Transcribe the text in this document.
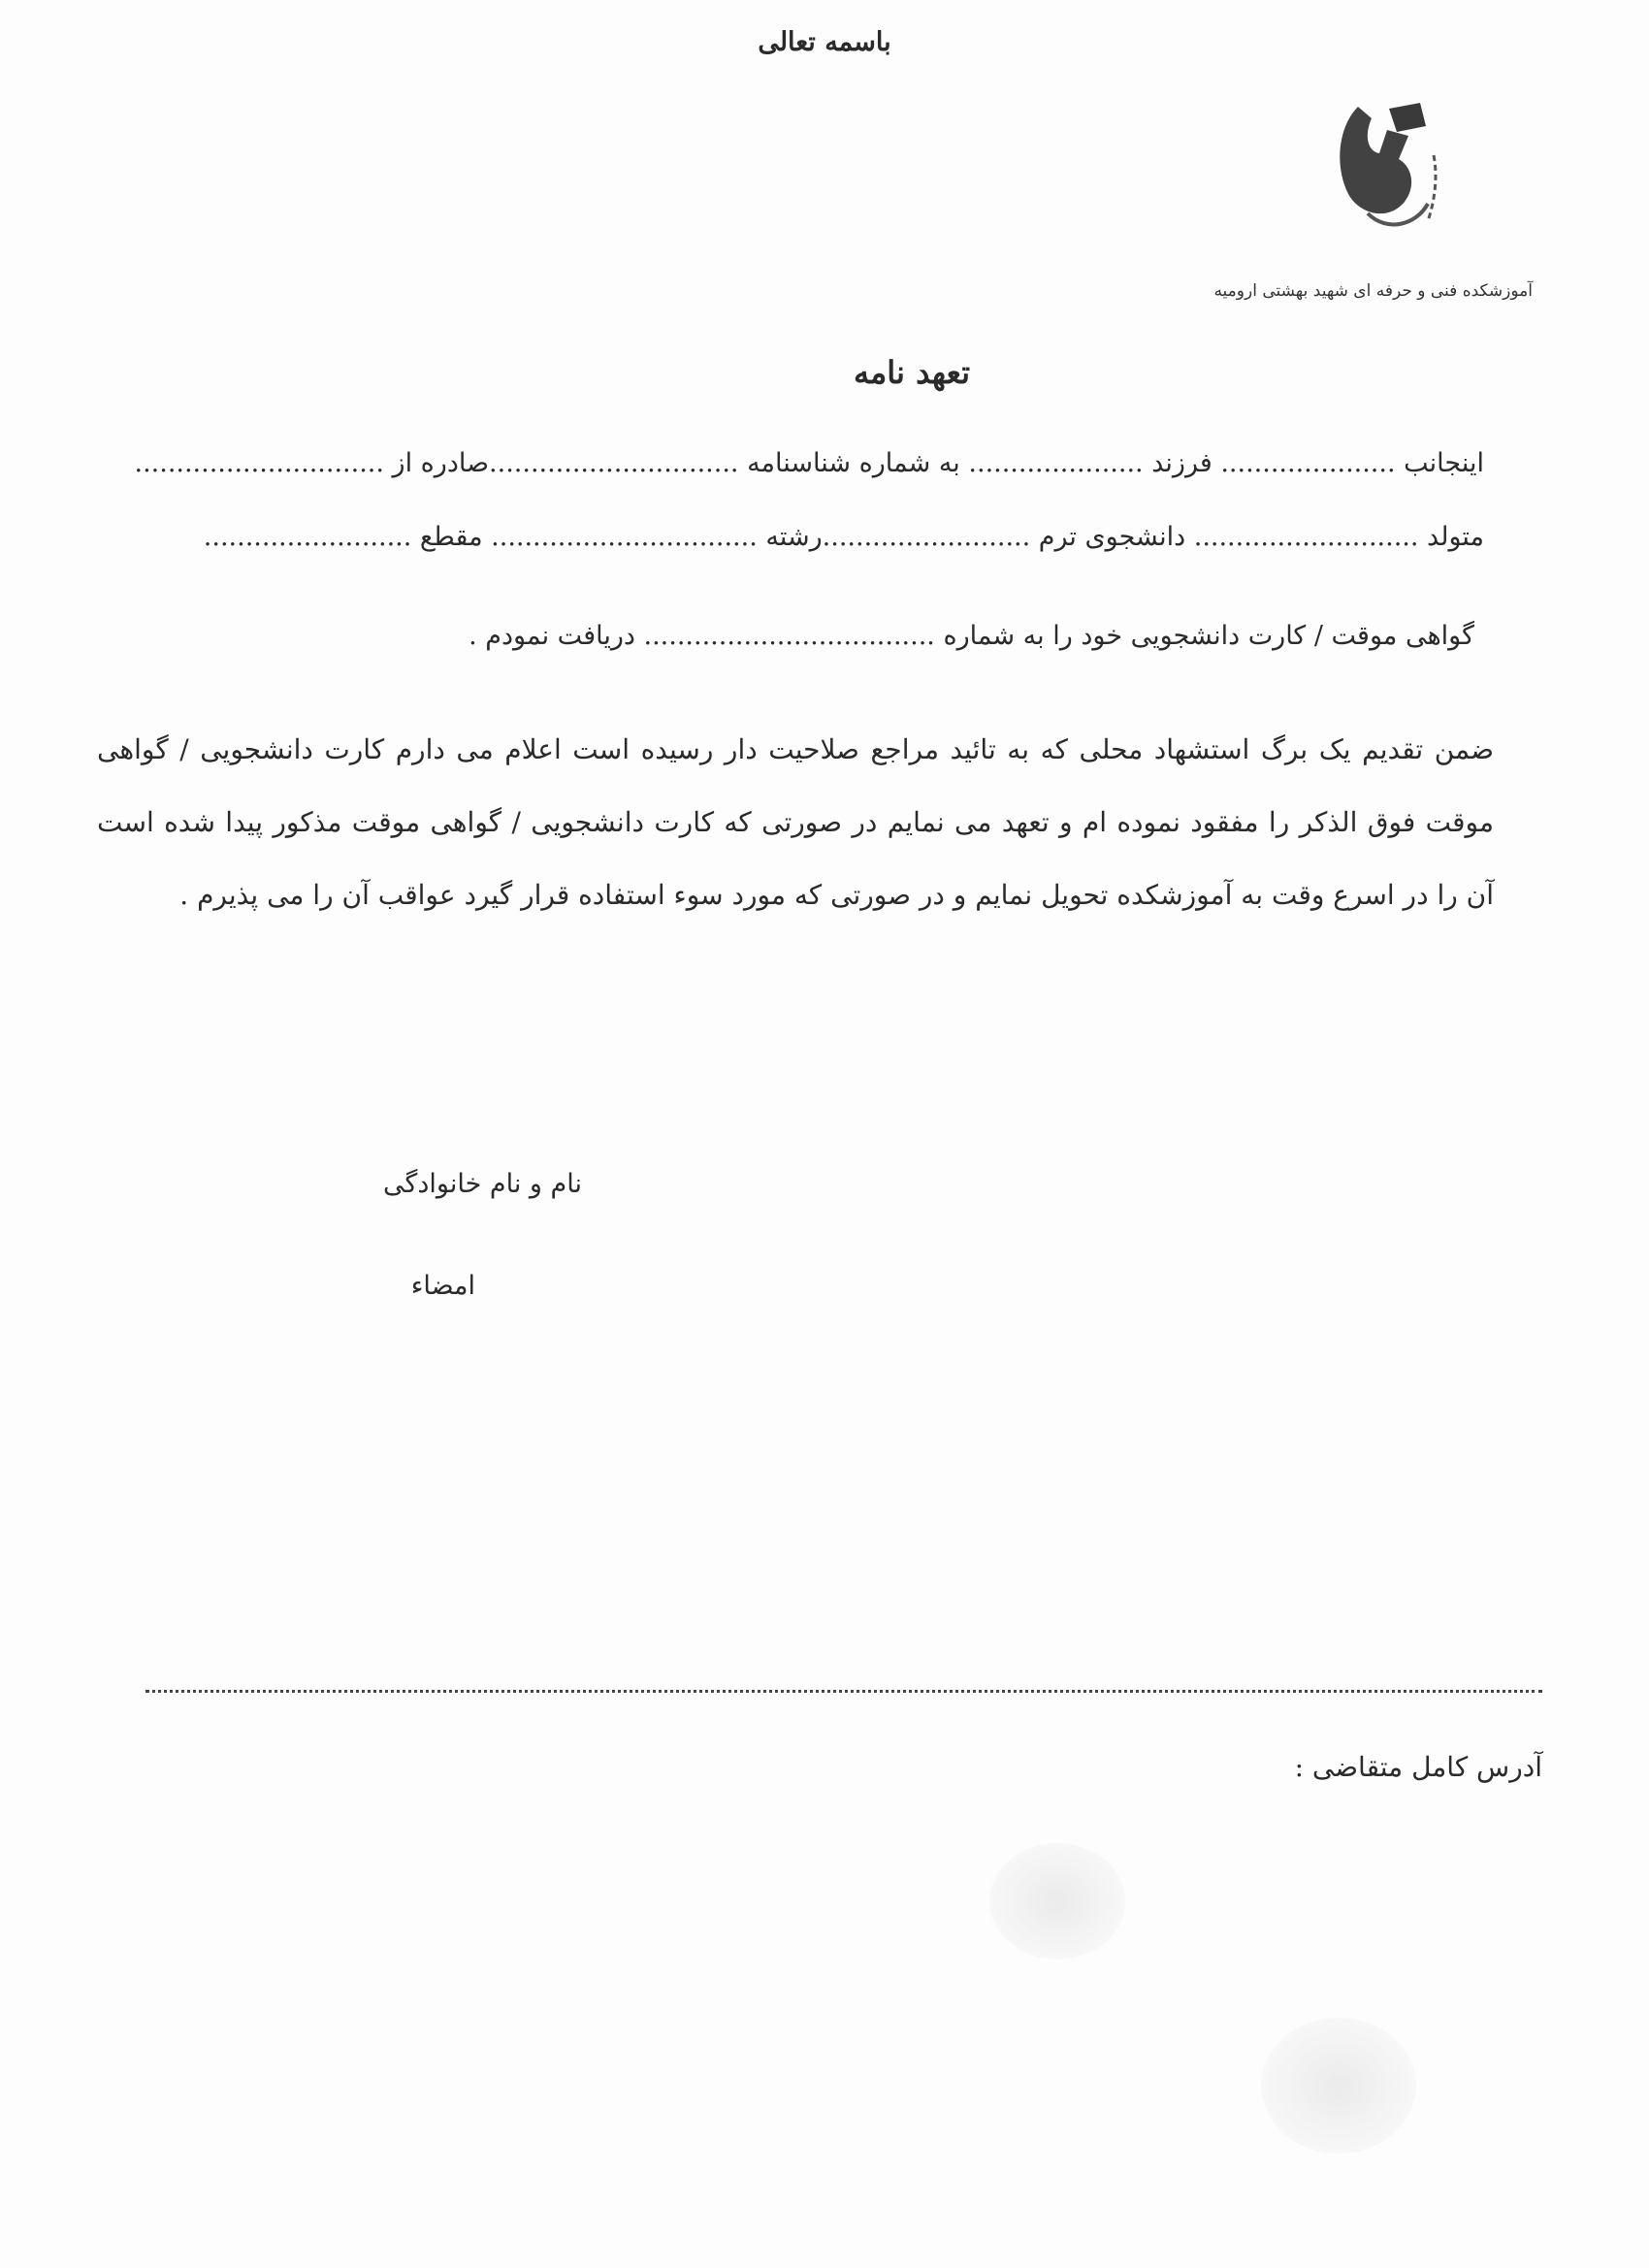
باسمه تعالی
آموزشکده فنی و حرفه ای شهید بهشتی ارومیه
تعهد نامه
اینجانب ..................... فرزند ..................... به شماره شناسنامه ..............................صادره از ..............................
متولد ........................... دانشجوی ترم .........................رشته ................................ مقطع .........................
گواهی موقت / کارت دانشجویی خود را به شماره ................................... دریافت نمودم .
ضمن تقدیم یک برگ استشهاد محلی که به تائید مراجع صلاحیت دار رسیده است اعلام می دارم کارت دانشجویی / گواهی موقت فوق الذکر را مفقود نموده ام و تعهد می نمایم در صورتی که کارت دانشجویی / گواهی موقت مذکور پیدا شده است آن را در اسرع وقت به آموزشکده تحویل نمایم و در صورتی که مورد سوء استفاده قرار گیرد عواقب آن را می پذیرم .
نام و نام خانوادگی
امضاء
آدرس کامل متقاضی :
